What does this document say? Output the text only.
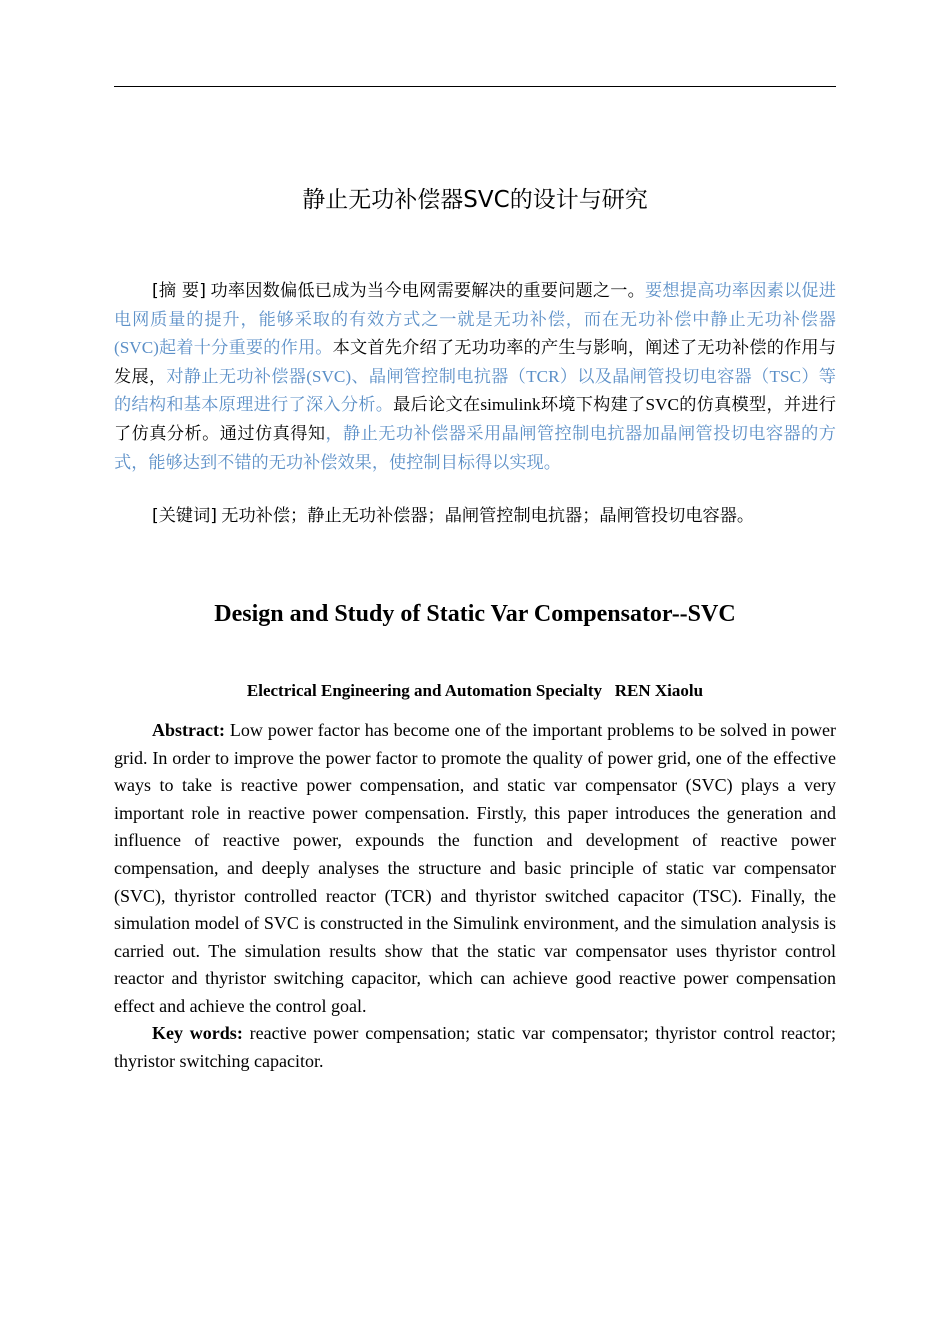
静止无功补偿器SVC的设计与研究

[摘 要] 功率因数偏低已成为当今电网需要解决的重要问题之一。要想提高功率因素以促进电网质量的提升，能够采取的有效方式之一就是无功补偿，而在无功补偿中静止无功补偿器(SVC)起着十分重要的作用。本文首先介绍了无功功率的产生与影响，阐述了无功补偿的作用与发展，对静止无功补偿器(SVC)、晶闸管控制电抗器（TCR）以及晶闸管投切电容器（TSC）等的结构和基本原理进行了深入分析。最后论文在simulink环境下构建了SVC的仿真模型，并进行了仿真分析。通过仿真得知，静止无功补偿器采用晶闸管控制电抗器加晶闸管投切电容器的方式，能够达到不错的无功补偿效果，使控制目标得以实现。

[关键词] 无功补偿；静止无功补偿器；晶闸管控制电抗器；晶闸管投切电容器。

Design and Study of Static Var Compensator--SVC
Electrical Engineering and Automation Specialty   REN Xiaolu

Abstract: Low power factor has become one of the important problems to be solved in power grid. In order to improve the power factor to promote the quality of power grid, one of the effective ways to take is reactive power compensation, and static var compensator (SVC) plays a very important role in reactive power compensation. Firstly, this paper introduces the generation and influence of reactive power, expounds the function and development of reactive power compensation, and deeply analyses the structure and basic principle of static var compensator (SVC), thyristor controlled reactor (TCR) and thyristor switched capacitor (TSC). Finally, the simulation model of SVC is constructed in the Simulink environment, and the simulation analysis is carried out. The simulation results show that the static var compensator uses thyristor control reactor and thyristor switching capacitor, which can achieve good reactive power compensation effect and achieve the control goal.

Key words: reactive power compensation; static var compensator; thyristor control reactor; thyristor switching capacitor.
